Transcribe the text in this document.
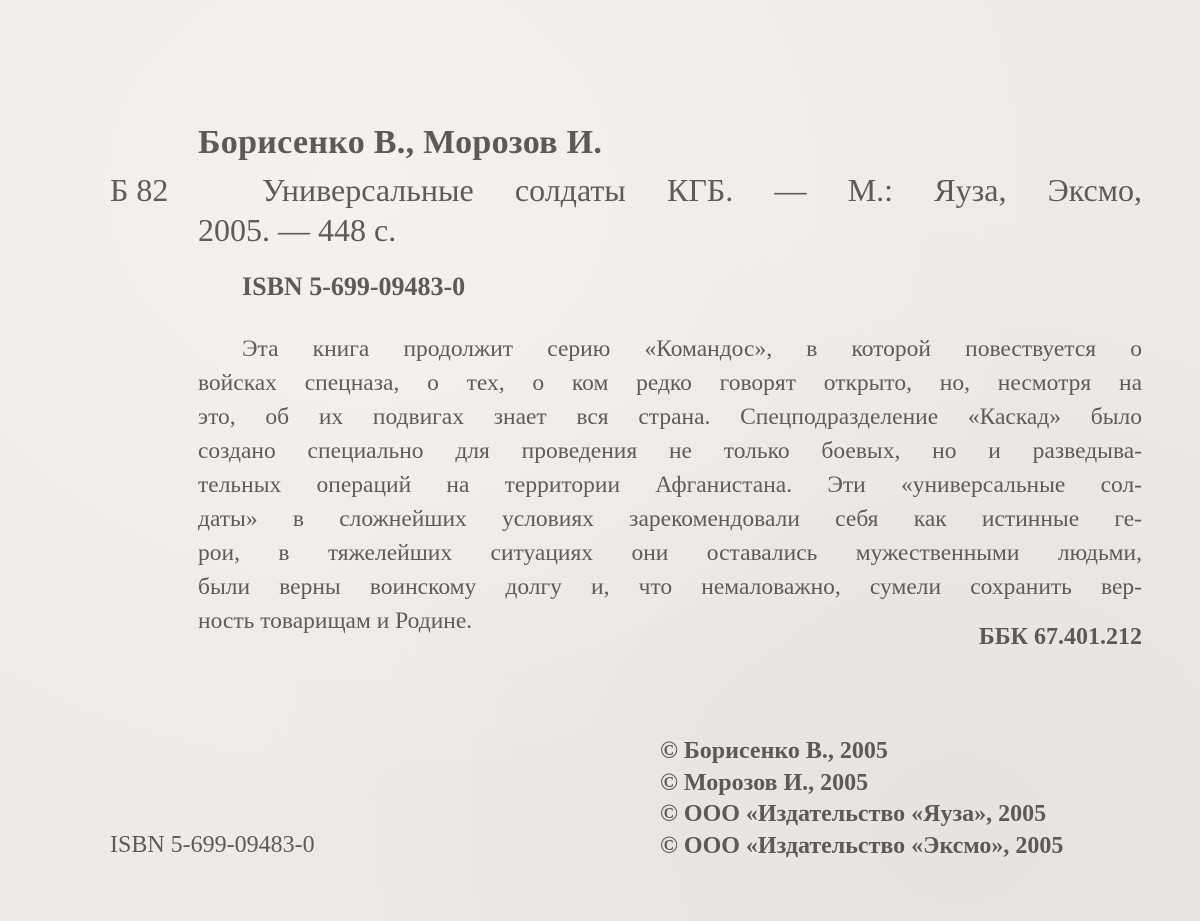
Борисенко В., Морозов И.
Б 82	Универсальные солдаты КГБ. — М.: Яуза, Эксмо,
2005. — 448 с.
ISBN 5-699-09483-0
Эта книга продолжит серию «Командос», в которой повествуется о
войсках спецназа, о тех, о ком редко говорят открыто, но, несмотря на
это, об их подвигах знает вся страна. Спецподразделение «Каскад» было
создано специально для проведения не только боевых, но и разведыва-
тельных операций на территории Афганистана. Эти «универсальные сол-
даты» в сложнейших условиях зарекомендовали себя как истинные ге-
рои, в тяжелейших ситуациях они оставались мужественными людьми,
были верны воинскому долгу и, что немаловажно, сумели сохранить вер-
ность товарищам и Родине.
ББК 67.401.212
© Борисенко В., 2005
© Морозов И., 2005
© ООО «Издательство «Яуза», 2005
© ООО «Издательство «Эксмо», 2005
ISBN 5-699-09483-0
